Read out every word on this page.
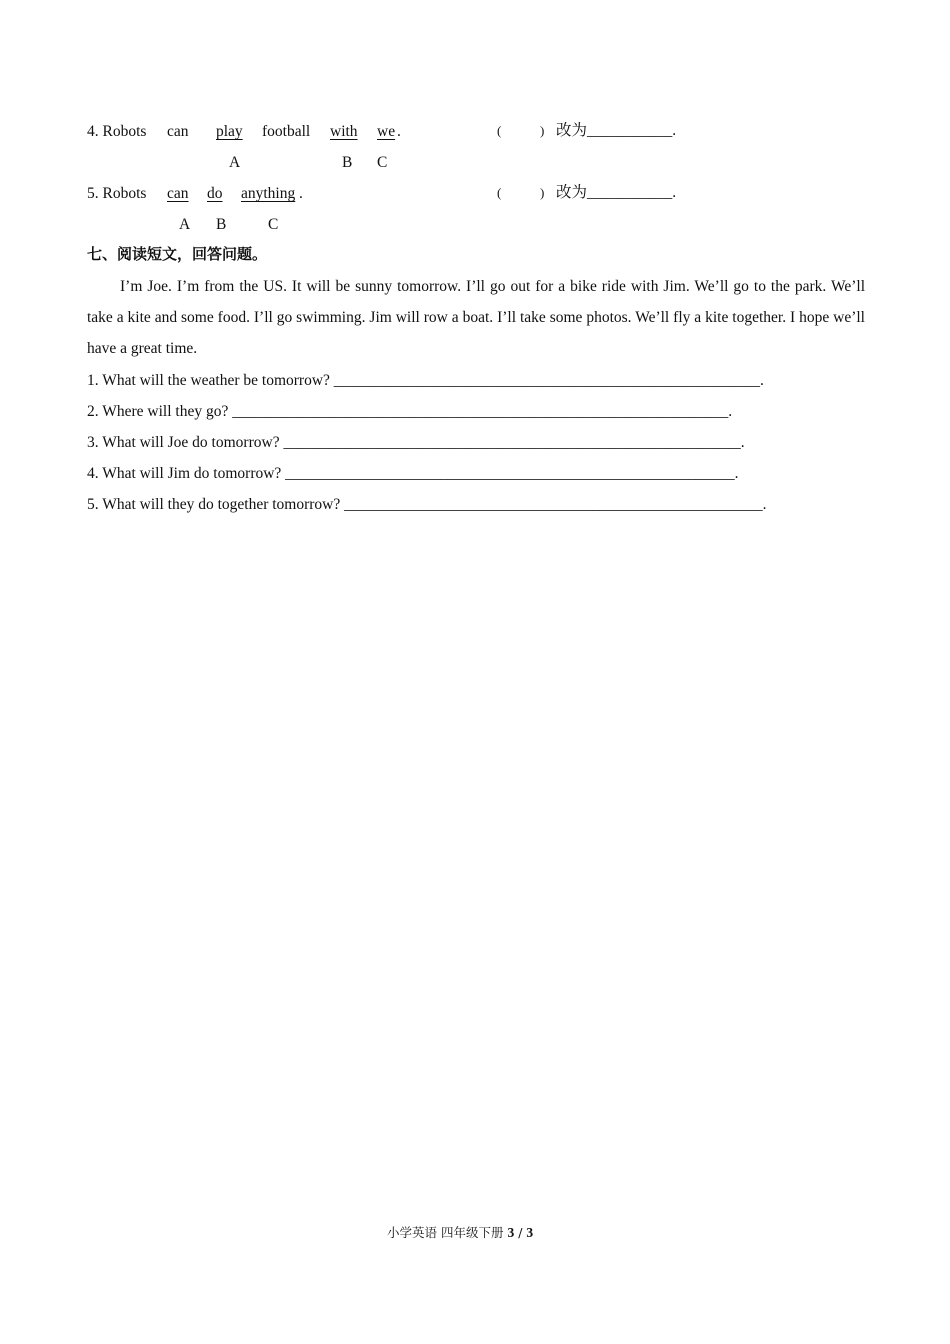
4. Robots can play football with we .	(	) 改为___________.
A	B C
5. Robots can do anything .	(	) 改为___________.
A B	C
七、阅读短文，回答问题。
I’m Joe. I’m from the US. It will be sunny tomorrow. I’ll go out for a bike ride with Jim. We’ll go to the park. We’ll take a kite and some food. I’ll go swimming. Jim will row a boat. I’ll take some photos. We’ll fly a kite together. I hope we’ll have a great time.
1. What will the weather be tomorrow? _______________________________________________________.
2. Where will they go? ________________________________________________________________.
3. What will Joe do tomorrow? ___________________________________________________________.
4. What will Jim do tomorrow? __________________________________________________________.
5. What will they do together tomorrow? ______________________________________________________.
小学英语 四年级下册 3 / 3
